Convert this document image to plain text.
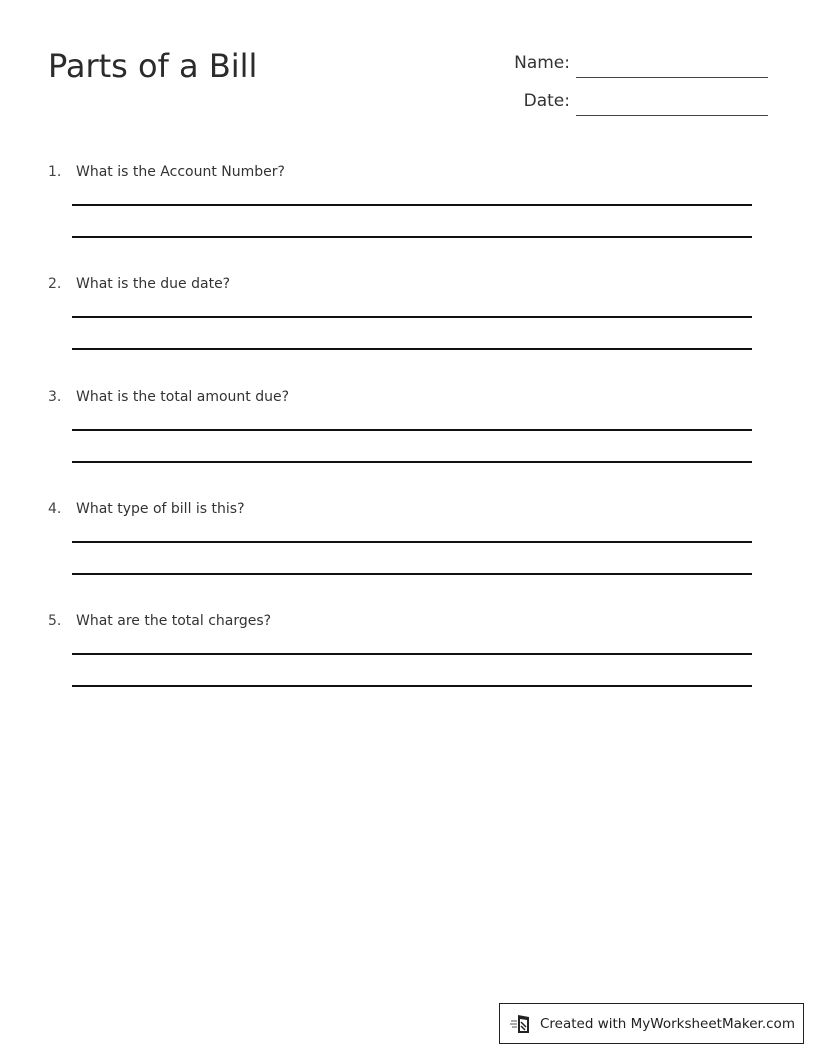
Parts of a Bill	Name:
Date:
1. What is the Account Number?
2. What is the due date?
3. What is the total amount due?
4. What type of bill is this?
5. What are the total charges?
Created with MyWorksheetMaker.com
